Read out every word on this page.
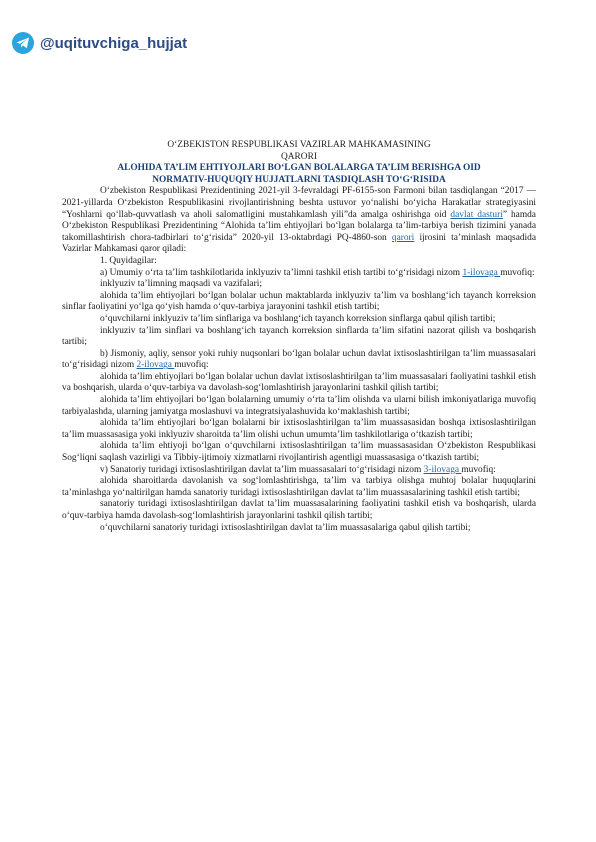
@uqituvchiga_hujjat
O‘ZBEKISTON RESPUBLIKASI VAZIRLAR MAHKAMASINING
QARORI
ALOHIDA TA’LIM EHTIYOJLARI BO‘LGAN BOLALARGA TA’LIM BERISHGA OID
NORMATIV-HUQUQIY HUJJATLARNI TASDIQLASH TO‘G‘RISIDA

O‘zbekiston Respublikasi Prezidentining 2021-yil 3-fevraldagi PF-6155-son Farmoni bilan tasdiqlangan “2017 — 2021-yillarda O‘zbekiston Respublikasini rivojlantirishning beshta ustuvor yo‘nalishi bo‘yicha Harakatlar strategiyasini “Yoshlarni qo‘llab-quvvatlash va aholi salomatligini mustahkamlash yili”da amalga oshirishga oid davlat dasturi” hamda O‘zbekiston Respublikasi Prezidentining “Alohida ta’lim ehtiyojlari bo‘lgan bolalarga ta’lim-tarbiya berish tizimini yanada takomillashtirish chora-tadbirlari to‘g‘risida” 2020-yil 13-oktabrdagi PQ-4860-son qarori ijrosini ta’minlash maqsadida Vazirlar Mahkamasi qaror qiladi:

1. Quyidagilar:

a) Umumiy o‘rta ta’lim tashkilotlarida inklyuziv ta’limni tashkil etish tartibi to‘g‘risidagi nizom 1-ilovaga muvofiq:

inklyuziv ta’limning maqsadi va vazifalari;

alohida ta’lim ehtiyojlari bo‘lgan bolalar uchun maktablarda inklyuziv ta’lim va boshlang‘ich tayanch korreksion sinflar faoliyatini yo‘lga qo‘yish hamda o‘quv-tarbiya jarayonini tashkil etish tartibi;

o‘quvchilarni inklyuziv ta’lim sinflariga va boshlang‘ich tayanch korreksion sinflarga qabul qilish tartibi;

inklyuziv ta’lim sinflari va boshlang‘ich tayanch korreksion sinflarda ta’lim sifatini nazorat qilish va boshqarish tartibi;

b) Jismoniy, aqliy, sensor yoki ruhiy nuqsonlari bo‘lgan bolalar uchun davlat ixtisoslashtirilgan ta’lim muassasalari to‘g‘risidagi nizom 2-ilovaga muvofiq:

alohida ta’lim ehtiyojlari bo‘lgan bolalar uchun davlat ixtisoslashtirilgan ta’lim muassasalari faoliyatini tashkil etish va boshqarish, ularda o‘quv-tarbiya va davolash-sog‘lomlashtirish jarayonlarini tashkil qilish tartibi;

alohida ta’lim ehtiyojlari bo‘lgan bolalarning umumiy o‘rta ta’lim olishda va ularni bilish imkoniyatlariga muvofiq tarbiyalashda, ularning jamiyatga moslashuvi va integratsiyalashuvida ko‘maklashish tartibi;

alohida ta’lim ehtiyojlari bo‘lgan bolalarni bir ixtisoslashtirilgan ta’lim muassasasidan boshqa ixtisoslashtirilgan ta’lim muassasasiga yoki inklyuziv sharoitda ta’lim olishi uchun umumta’lim tashkilotlariga o‘tkazish tartibi;

alohida ta’lim ehtiyoji bo‘lgan o‘quvchilarni ixtisoslashtirilgan ta’lim muassasasidan O‘zbekiston Respublikasi Sog‘liqni saqlash vazirligi va Tibbiy-ijtimoiy xizmatlarni rivojlantirish agentligi muassasasiga o‘tkazish tartibi;

v) Sanatoriy turidagi ixtisoslashtirilgan davlat ta’lim muassasalari to‘g‘risidagi nizom 3-ilovaga muvofiq:

alohida sharoitlarda davolanish va sog‘lomlashtirishga, ta’lim va tarbiya olishga muhtoj bolalar huquqlarini ta’minlashga yo‘naltirilgan hamda sanatoriy turidagi ixtisoslashtirilgan davlat ta’lim muassasalarining tashkil etish tartibi;

sanatoriy turidagi ixtisoslashtirilgan davlat ta’lim muassasalarining faoliyatini tashkil etish va boshqarish, ularda o‘quv-tarbiya hamda davolash-sog‘lomlashtirish jarayonlarini tashkil qilish tartibi;

o‘quvchilarni sanatoriy turidagi ixtisoslashtirilgan davlat ta’lim muassasalariga qabul qilish tartibi;
